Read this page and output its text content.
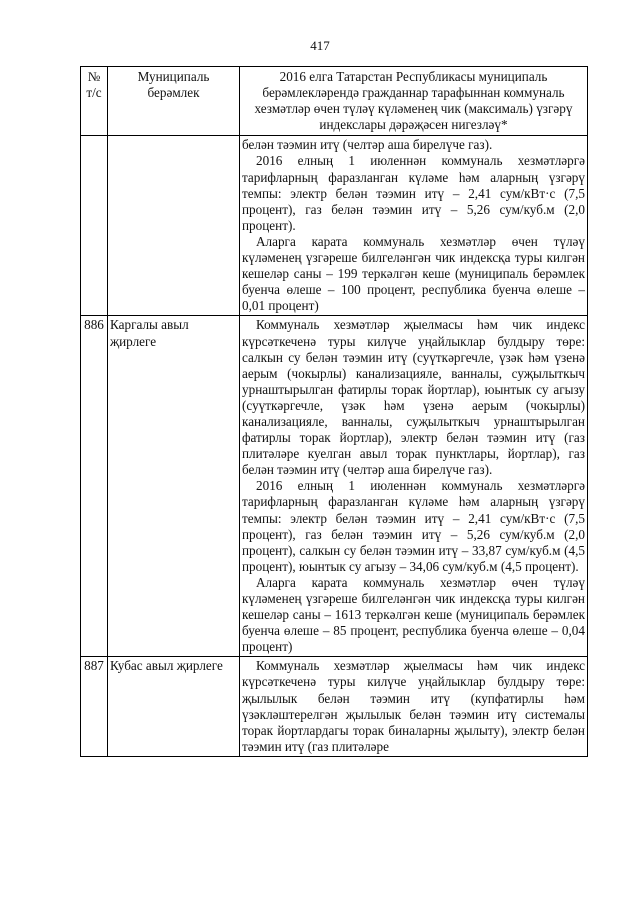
417
№ т/с	Муниципаль берәмлек	2016 елга Татарстан Республикасы муниципаль берәмлекләрендә гражданнар тарафыннан коммуналь хезмәтләр өчен түләү күләменең чик (максималь) үзгәрү индекслары дәрәҗәсен нигезләү*

		белән тәэмин итү (челтәр аша бирелүче газ).

2016 елның 1 июленнән коммуналь хезмәтләргә тарифларның фаразланган күләме һәм аларның үзгәрү темпы: электр белән тәэмин итү – 2,41 сум/кВт·с (7,5 процент), газ белән тәэмин итү – 5,26 сум/куб.м (2,0 процент).

Аларга карата коммуналь хезмәтләр өчен түләү күләменең үзгәреше билгеләнгән чик индексқа туры килгән кешеләр саны – 199 теркәлгән кеше (муниципаль берәмлек буенча өлеше – 100 процент, республика буенча өлеше – 0,01 процент)

886	Каргалы авыл җирлеге	Коммуналь хезмәтләр җыелмасы һәм чик индекс күрсәткеченә туры килүче уңайлыклар булдыру төре: салкын су белән тәэмин итү (суүткәргечле, үзәк һәм үзенә аерым (чокырлы) канализацияле, ванналы, суҗылыткыч урнаштырылган фатирлы торак йортлар), юынтык су агызу (суүткәргечле, үзәк һәм үзенә аерым (чокырлы) канализацияле, ванналы, суҗылыткыч урнаштырылган фатирлы торак йортлар), электр белән тәэмин итү (газ плитәләре куелган авыл торак пунктлары, йортлар), газ белән тәэмин итү (челтәр аша бирелүче газ).

2016 елның 1 июленнән коммуналь хезмәтләргә тарифларның фаразланган күләме һәм аларның үзгәрү темпы: электр белән тәэмин итү – 2,41 сум/кВт·с (7,5 процент), газ белән тәэмин итү – 5,26 сум/куб.м (2,0 процент), салкын су белән тәэмин итү – 33,87 сум/куб.м (4,5 процент), юынтык су агызу – 34,06 сум/куб.м (4,5 процент).

Аларга карата коммуналь хезмәтләр өчен түләү күләменең үзгәреше билгеләнгән чик индексқа туры килгән кешеләр саны – 1613 теркәлгән кеше (муниципаль берәмлек буенча өлеше – 85 процент, республика буенча өлеше – 0,04 процент)

887	Кубас авыл җирлеге	Коммуналь хезмәтләр җыелмасы һәм чик индекс күрсәткеченә туры килүче уңайлыклар булдыру төре: җылылык белән тәэмин итү (купфатирлы һәм үзәкләштерелгән җылылык белән тәэмин итү системалы торак йортлардагы торак биналарны җылыту), электр белән тәэмин итү (газ плитәләре
